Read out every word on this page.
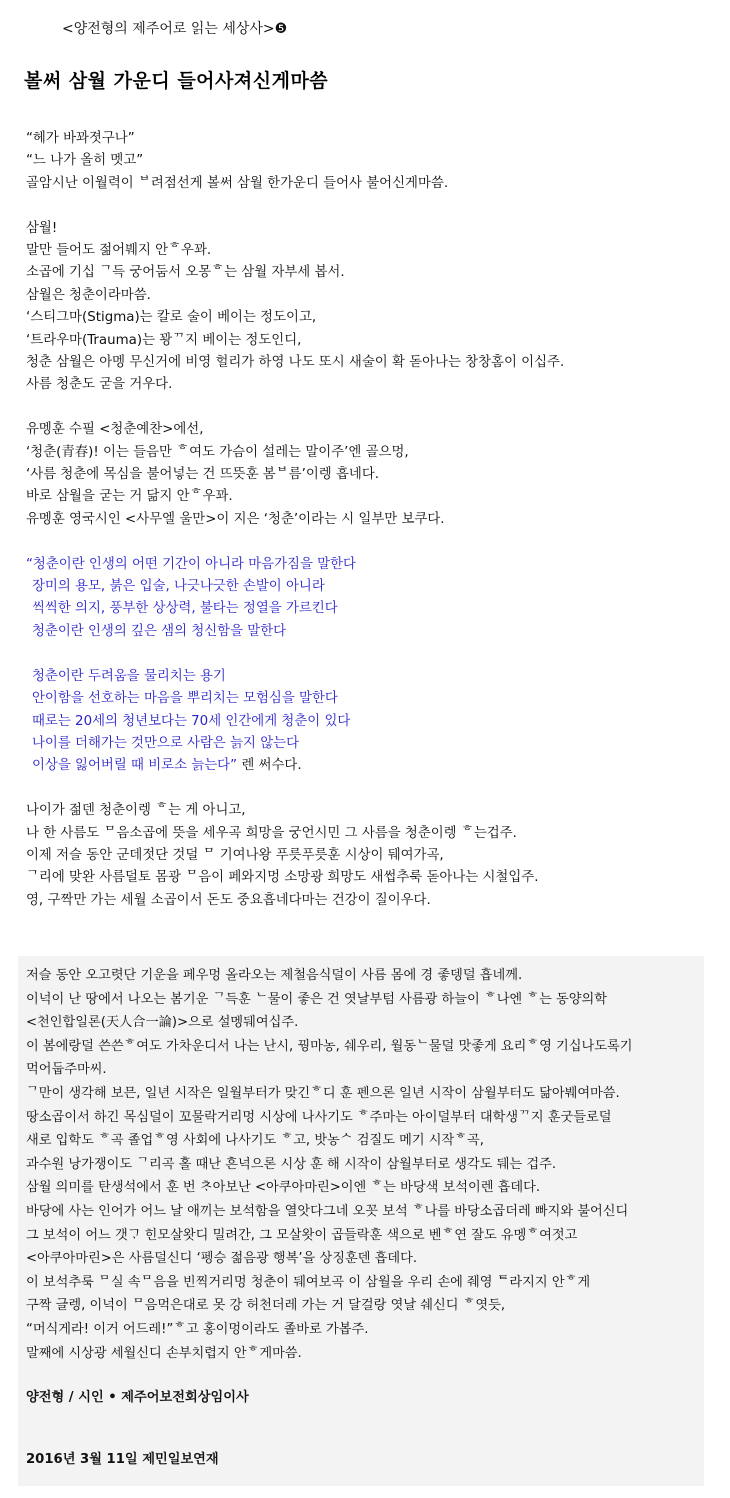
<양전형의 제주어로 읽는 세상사>❺
볼써 삼월 가운디 들어사져신게마씀
“헤가 바꽈졋구나”
“느 나가 올히 멧고”
골암시난 이월력이 ᄇ려점선게 볼써 삼월 한가운디 들어사 불어신게마씀.
삼월!
말만 들어도 젊어붸지 안ᄒ우꽈.
소곱에 기십 ᄀ득 궁어둠서 오몽ᄒ는 삼월 자부세 봅서.
삼월은 청춘이라마씀.
‘스티그마(Stigma)는 칼로 술이 베이는 정도이고,
‘트라우마(Trauma)는 꽝ᄁ지 베이는 정도인디,
청춘 삼월은 아멩 무신거에 비영 헐리가 하영 나도 또시 새술이 확 돋아나는 창창홈이 이십주.
사름 청춘도 굳을 거우다.
유멩훈 수필 <청춘예찬>에선,
‘청춘(青春)! 이는 들음만 ᄒ여도 가슴이 설레는 말이주’엔 골으멍,
‘사름 청춘에 목심을 불어넣는 건 뜨뜻훈 봄ᄇ름’이렝 흡네다.
바로 삼월을 굳는 거 닮지 안ᄒ우꽈.
유멩훈 영국시인 <사무엘 울만>이 지은 ‘청춘’이라는 시 일부만 보쿠다.
“청춘이란 인생의 어떤 기간이 아니라 마음가짐을 말한다
장미의 용모, 붉은 입술, 나긋나긋한 손발이 아니라
씩씩한 의지, 풍부한 상상력, 불타는 정열을 가르킨다
청춘이란 인생의 깊은 샘의 청신함을 말한다
청춘이란 두려움을 물리치는 용기
안이함을 선호하는 마음을 뿌리치는 모험심을 말한다
때로는 20세의 청년보다는 70세 인간에게 청춘이 있다
나이를 더해가는 것만으로 사람은 늙지 않는다
이상을 잃어버릴 때 비로소 늙는다” 렌 써수다.
나이가 젊덴 청춘이렝 ᄒ는 게 아니고,
나 한 사름도 ᄆ음소곱에 뜻을 세우곡 희망을 궁언시민 그 사름을 청춘이렝 ᄒ는겁주.
이제 저슬 동안 군데젓단 것덜 ᄆ 기여나왕 푸릇푸릇훈 시상이 뒈여가곡,
ᄀ리에 맞완 사름덜토 몸광 ᄆ음이 페와지멍 소망광 희망도 새썹추룩 돋아나는 시철입주.
영, 구짝만 가는 세월 소곱이서 돈도 중요흡네다마는 건강이 질이우다.
저슬 동안 오고렷단 기운을 페우멍 올라오는 제철음식덜이 사름 몸에 경 좋뎅덜 흡네께.
이넉이 난 땅에서 나오는 봄기운 ᄀ득훈 ᄂ물이 좋은 건 엿날부텀 사름광 하늘이 ᄒ나엔 ᄒ는 동양의학
<천인합일론(天人合一論)>으로 설멩뒈여십주.
이 봄에랑덜 쓴쓴ᄒ여도 가차운디서 나는 난시, 꿩마농, 쉐우리, 월동ᄂ물덜 맛좋게 요리ᄒ영 기십나도록기
먹어둡주마씨.
ᄀ만이 생각해 보믄, 일년 시작은 일월부터가 맞긴ᄒ디 훈 펜으론 일년 시작이 삼월부터도 닮아붸여마씀.
땅소곱이서 하긴 목심덜이 꼬물락거리멍 시상에 나사기도 ᄒ주마는 아이덜부터 대학생ᄁ지 훈굿들로덜
새로 입학도 ᄒ곡 졸업ᄒ영 사회에 나사기도 ᄒ고, 밧농ᄉ 검질도 메기 시작ᄒ곡,
과수원 낭가쟁이도 ᄀ리곡 홀 때난 흔넉으론 시상 훈 해 시작이 삼월부터로 생각도 뒈는 겁주.
삼월 의미를 탄생석에서 훈 번 ᄎᆞ아보난 <아쿠아마린>이엔 ᄒ는 바당색 보석이렌 흡데다.
바당에 사는 인어가 어느 날 애끼는 보석함을 열앗다그네 오꼿 보석 ᄒ나를 바당소곱더레 빠지와 불어신디
그 보석이 어느 갯ᄀᆞ 힌모살왓디 밀려간, 그 모살왓이 곱들락훈 색으로 벤ᄒ연 잘도 유멩ᄒ여젓고
<아쿠아마린>은 사름덜신디 ‘펭승 젊음광 행복’을 상징훈덴 흡데다.
이 보석추룩 ᄆ실 속ᄆ음을 빈찍거리멍 청춘이 뒈여보곡 이 삼월을 우리 손에 줴영 ᄐ라지지 안ᄒ게
구짝 글렝, 이넉이 ᄆ음먹은대로 못 강 허천더레 가는 거 달걸랑 엿날 쉐신디 ᄒ엿듯,
“머식게라! 이거 어드레!”ᄒ고 홍이멍이라도 졸바로 가봅주.
말째에 시상광 세월신디 손부치렵지 안ᄒ게마씀.
양전형 / 시인 • 제주어보전회상임이사
2016년 3월 11일 제민일보연재
